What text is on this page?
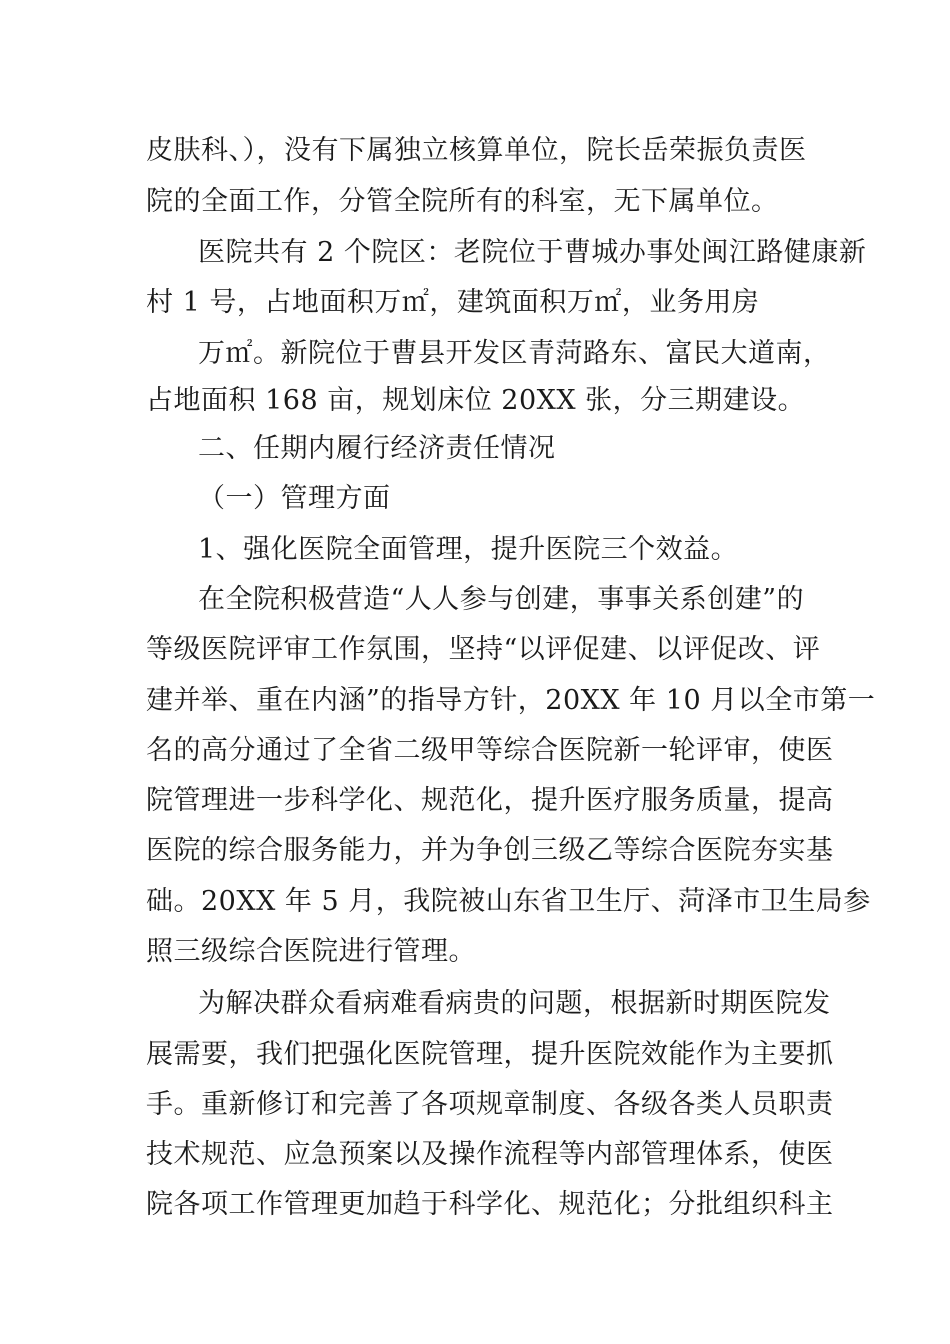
皮肤科、），没有下属独立核算单位，院长岳荣振负责医
院的全面工作，分管全院所有的科室，无下属单位。
医院共有 2 个院区：老院位于曹城办事处闽江路健康新
村 1 号，占地面积万㎡，建筑面积万㎡，业务用房
万㎡。新院位于曹县开发区青菏路东、富民大道南，
占地面积 168 亩，规划床位 20XX 张，分三期建设。
二、任期内履行经济责任情况
（一）管理方面
1、强化医院全面管理，提升医院三个效益。
在全院积极营造“人人参与创建，事事关系创建”的
等级医院评审工作氛围，坚持“以评促建、以评促改、评
建并举、重在内涵”的指导方针，20XX 年 10 月以全市第一
名的高分通过了全省二级甲等综合医院新一轮评审，使医
院管理进一步科学化、规范化，提升医疗服务质量，提高
医院的综合服务能力，并为争创三级乙等综合医院夯实基
础。20XX 年 5 月，我院被山东省卫生厅、菏泽市卫生局参
照三级综合医院进行管理。
为解决群众看病难看病贵的问题，根据新时期医院发
展需要，我们把强化医院管理，提升医院效能作为主要抓
手。重新修订和完善了各项规章制度、各级各类人员职责
技术规范、应急预案以及操作流程等内部管理体系，使医
院各项工作管理更加趋于科学化、规范化；分批组织科主
